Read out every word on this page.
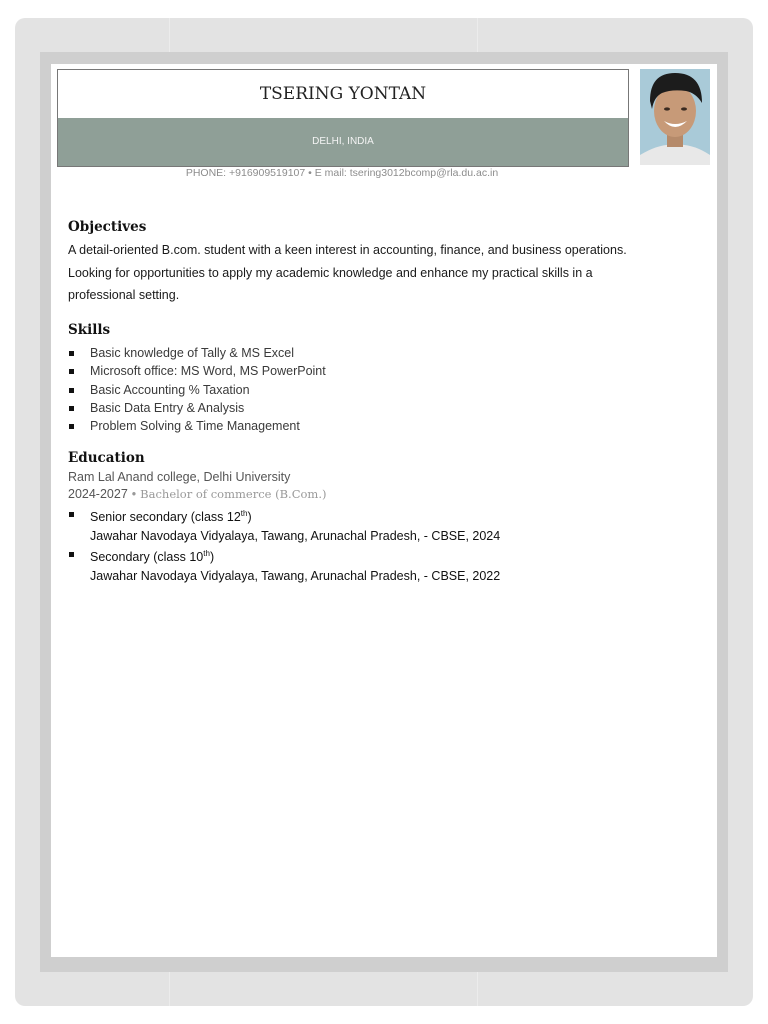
TSERING YONTAN
DELHI, INDIA
PHONE: +916909519107 • E mail: tsering3012bcomp@rla.du.ac.in
Objectives
A detail-oriented B.com. student with a keen interest in accounting, finance, and business operations. Looking for opportunities to apply my academic knowledge and enhance my practical skills in a professional setting.
Skills
Basic knowledge of Tally & MS Excel
Microsoft office: MS Word, MS PowerPoint
Basic Accounting % Taxation
Basic Data Entry & Analysis
Problem Solving & Time Management
Education
Ram Lal Anand college, Delhi University
2024-2027 • Bachelor of commerce (B.Com.)
Senior secondary (class 12th)
Jawahar Navodaya Vidyalaya, Tawang, Arunachal Pradesh, - CBSE, 2024
Secondary (class 10th)
Jawahar Navodaya Vidyalaya, Tawang, Arunachal Pradesh, - CBSE, 2022
